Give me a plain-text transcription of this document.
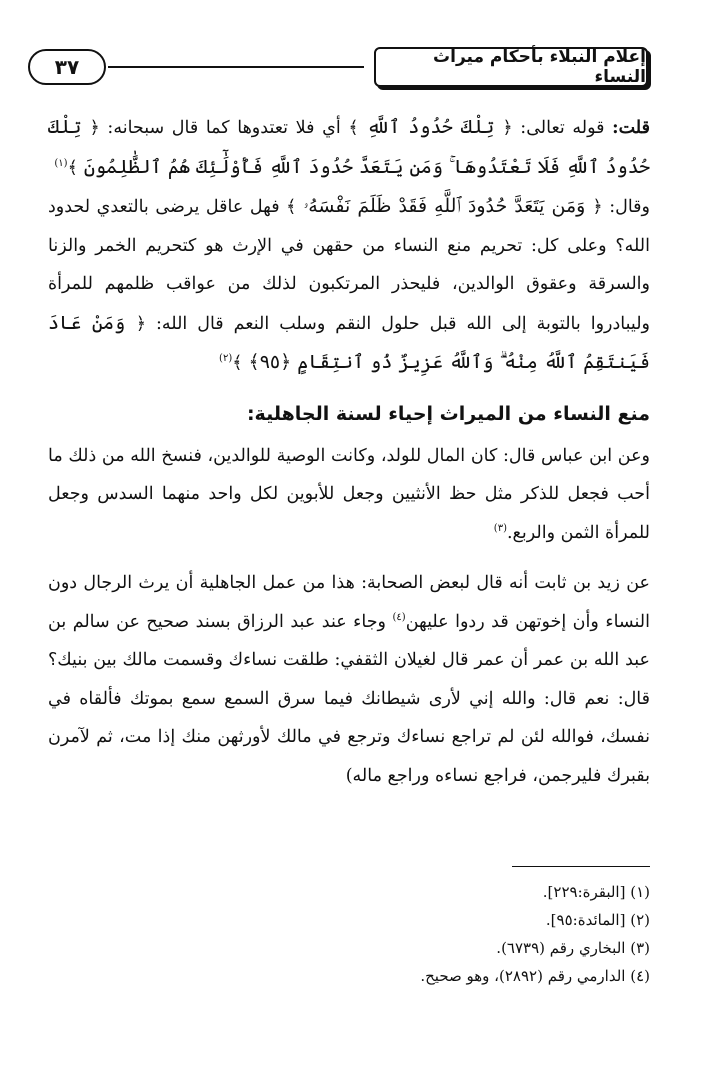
إعلام النبلاء بأحكام ميراث النساء
٣٧

قلت: قوله تعالى: ﴿ تِلْكَ حُدُودُ ٱللَّهِ ﴾ أي فلا تعتدوها كما قال سبحانه: ﴿ تِلْكَ حُدُودُ ٱللَّهِ فَلَا تَعْتَدُوهَا ۚ وَمَن يَتَعَدَّ حُدُودَ ٱللَّهِ فَأُوْلَٰٓئِكَ هُمُ ٱلظَّٰلِمُونَ ﴾$^{(١)}$

وقال: ﴿ وَمَن يَتَعَدَّ حُدُودَ ٱللَّهِ فَقَدْ ظَلَمَ نَفْسَهُۥ ﴾ فهل عاقل يرضى بالتعدي لحدود الله؟ وعلى كل: تحريم منع النساء من حقهن في الإرث هو كتحريم الخمر والزنا والسرقة وعقوق الوالدين، فليحذر المرتكبون لذلك من عواقب ظلمهم للمرأة وليبادروا بالتوبة إلى الله قبل حلول النقم وسلب النعم قال الله: ﴿ وَمَنْ عَادَ فَيَنتَقِمُ ٱللَّهُ مِنْهُ ۗ وَٱللَّهُ عَزِيزٌ ذُو ٱنتِقَامٍ ﴿٩٥﴾ ﴾$^{(٢)}$

منع النساء من الميراث إحياء لسنة الجاهلية:

وعن ابن عباس قال: كان المال للولد، وكانت الوصية للوالدين، فنسخ الله من ذلك ما أحب فجعل للذكر مثل حظ الأنثيين وجعل للأبوين لكل واحد منهما السدس وجعل للمرأة الثمن والربع.$^{(٣)}$

عن زيد بن ثابت أنه قال لبعض الصحابة: هذا من عمل الجاهلية أن يرث الرجال دون النساء وأن إخوتهن قد ردوا عليهن$^{(٤)}$ وجاء عند عبد الرزاق بسند صحيح عن سالم بن عبد الله بن عمر أن عمر قال لغيلان الثقفي: طلقت نساءك وقسمت مالك بين بنيك؟ قال: نعم قال: والله إني لأرى شيطانك فيما سرق السمع سمع بموتك فألقاه في نفسك، فوالله لئن لم تراجع نساءك وترجع في مالك لأورثهن منك إذا مت، ثم لآمرن بقبرك فليرجمن، فراجع نساءه وراجع ماله)

(١) [البقرة:٢٢٩].
(٢) [المائدة:٩٥].
(٣) البخاري رقم (٦٧٣٩).
(٤) الدارمي رقم (٢٨٩٢)، وهو صحيح.
